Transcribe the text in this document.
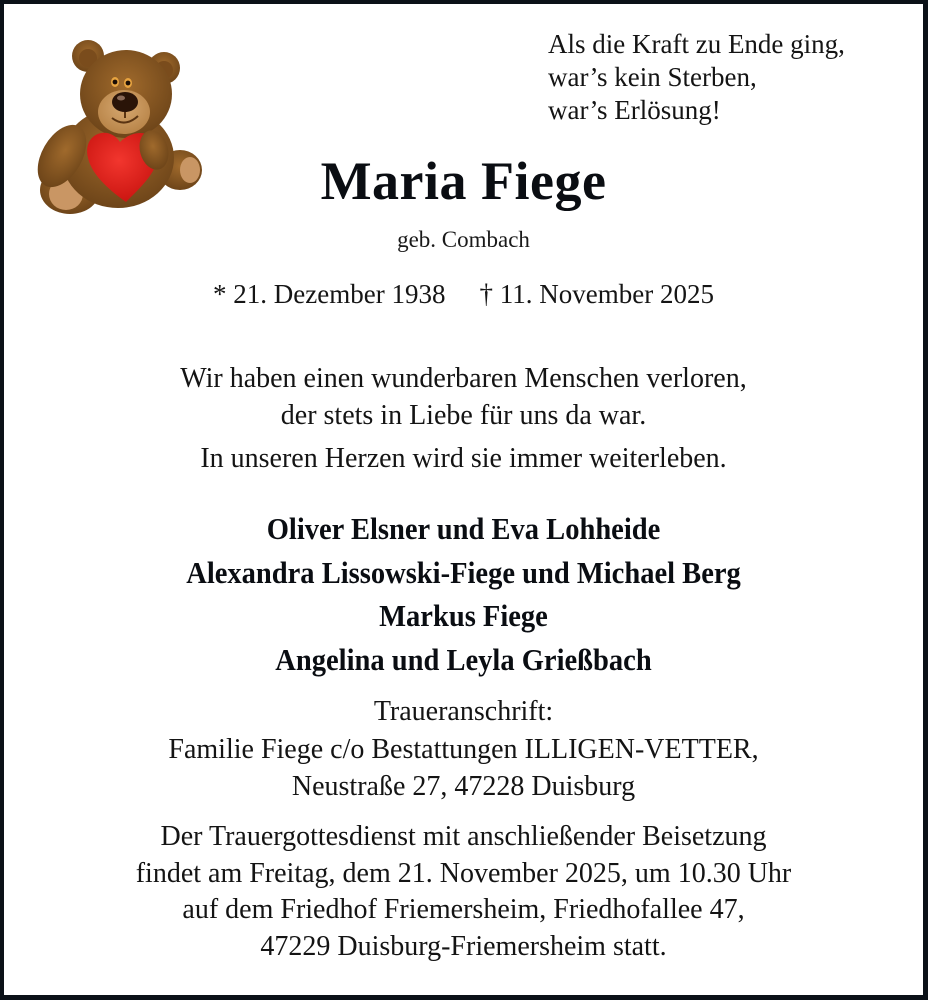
Als die Kraft zu Ende ging,
war’s kein Sterben,
war’s Erlösung!
Maria Fiege
geb. Combach
* 21. Dezember 1938 † 11. November 2025
Wir haben einen wunderbaren Menschen verloren,
der stets in Liebe für uns da war.
In unseren Herzen wird sie immer weiterleben.
Oliver Elsner und Eva Lohheide
Alexandra Lissowski-Fiege und Michael Berg
Markus Fiege
Angelina und Leyla Grießbach
Traueranschrift:
Familie Fiege c/o Bestattungen ILLIGEN-VETTER,
Neustraße 27, 47228 Duisburg
Der Trauergottesdienst mit anschließender Beisetzung
findet am Freitag, dem 21. November 2025, um 10.30 Uhr
auf dem Friedhof Friemersheim, Friedhofallee 47,
47229 Duisburg-Friemersheim statt.
